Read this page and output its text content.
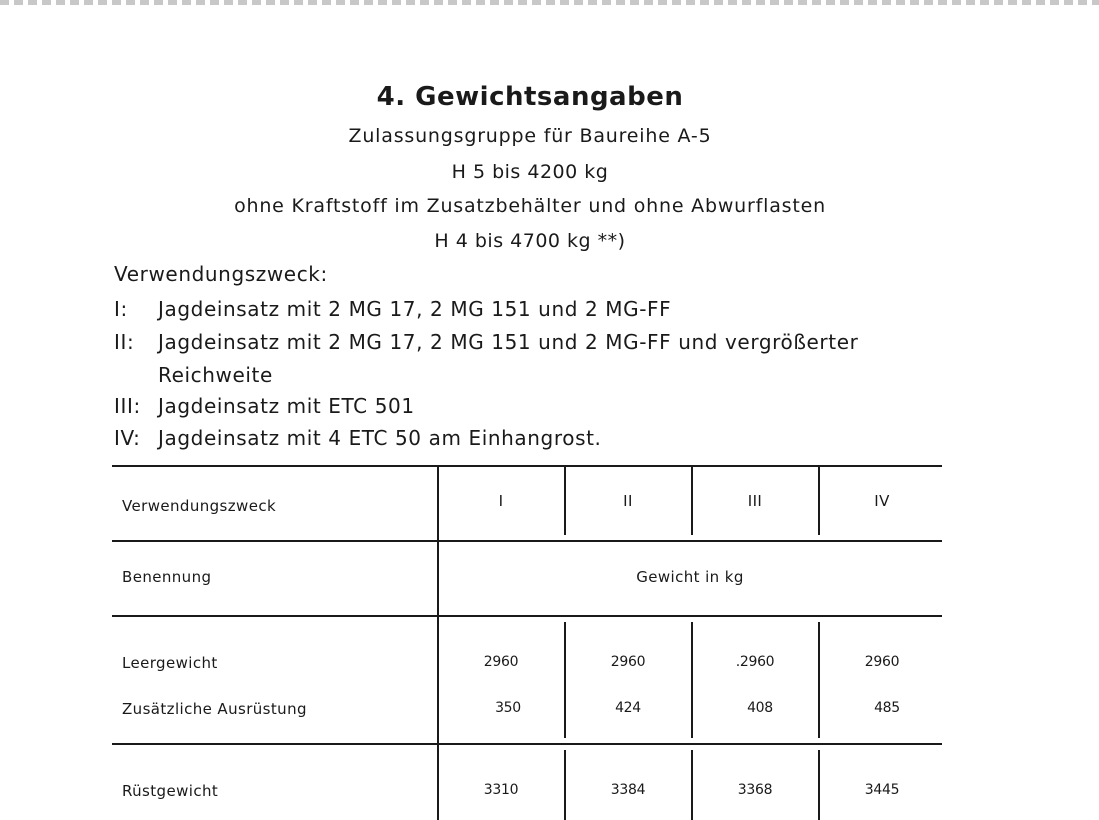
4. Gewichtsangaben
Zulassungsgruppe für Baureihe A-5
H 5 bis 4200 kg
ohne Kraftstoff im Zusatzbehälter und ohne Abwurflasten
H 4 bis 4700 kg **)
Verwendungszweck:
I: Jagdeinsatz mit 2 MG 17, 2 MG 151 und 2 MG-FF
II: Jagdeinsatz mit 2 MG 17, 2 MG 151 und 2 MG-FF und vergrößerter
Reichweite
III: Jagdeinsatz mit ETC 501
IV: Jagdeinsatz mit 4 ETC 50 am Einhangrost.
Verwendungszweck	I	II	III	IV
Benennung	Gewicht in kg
Leergewicht	2960	2960	.2960	2960
Zusätzliche Ausrüstung	350	424	408	485
Rüstgewicht	3310	3384	3368	3445
